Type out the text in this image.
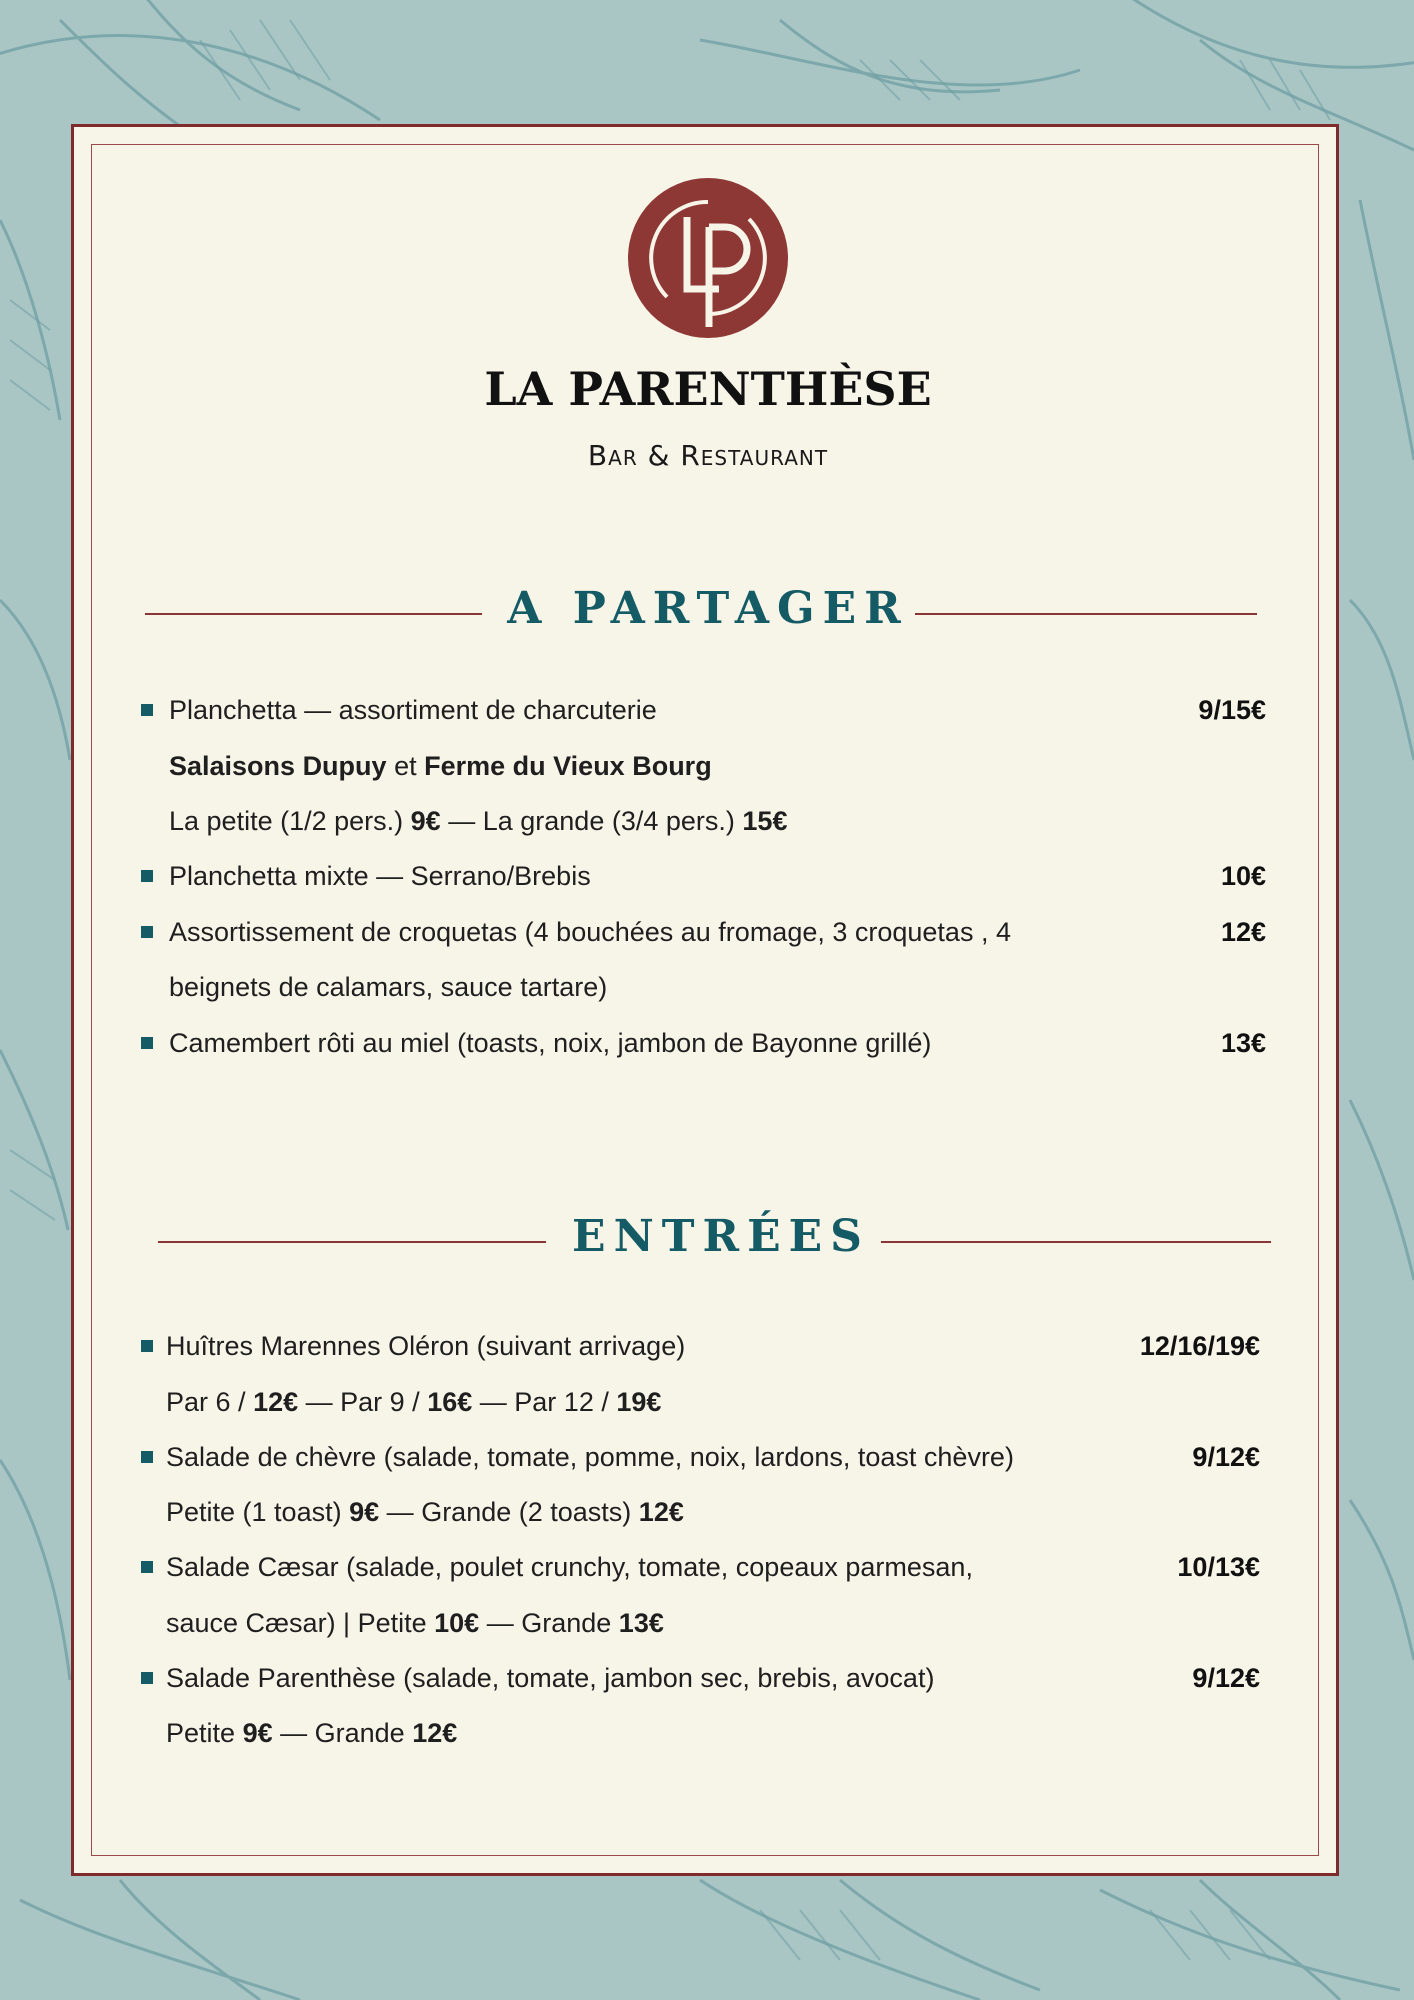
LA PARENTHÈSE
Bar & Restaurant
A PARTAGER
Planchetta — assortiment de charcuterie	9/15€
Salaisons Dupuy et Ferme du Vieux Bourg
La petite (1/2 pers.) 9€ — La grande (3/4 pers.) 15€
Planchetta mixte — Serrano/Brebis	10€
Assortissement de croquetas (4 bouchées au fromage, 3 croquetas , 4	12€
beignets de calamars, sauce tartare)
Camembert rôti au miel (toasts, noix, jambon de Bayonne grillé)	13€
ENTRÉES
Huîtres Marennes Oléron (suivant arrivage)	12/16/19€
Par 6 / 12€ — Par 9 / 16€ — Par 12 / 19€
Salade de chèvre (salade, tomate, pomme, noix, lardons, toast chèvre)	9/12€
Petite (1 toast) 9€ — Grande (2 toasts) 12€
Salade Cæsar (salade, poulet crunchy, tomate, copeaux parmesan,	10/13€
sauce Cæsar) | Petite 10€ — Grande 13€
Salade Parenthèse (salade, tomate, jambon sec, brebis, avocat)	9/12€
Petite 9€ — Grande 12€
